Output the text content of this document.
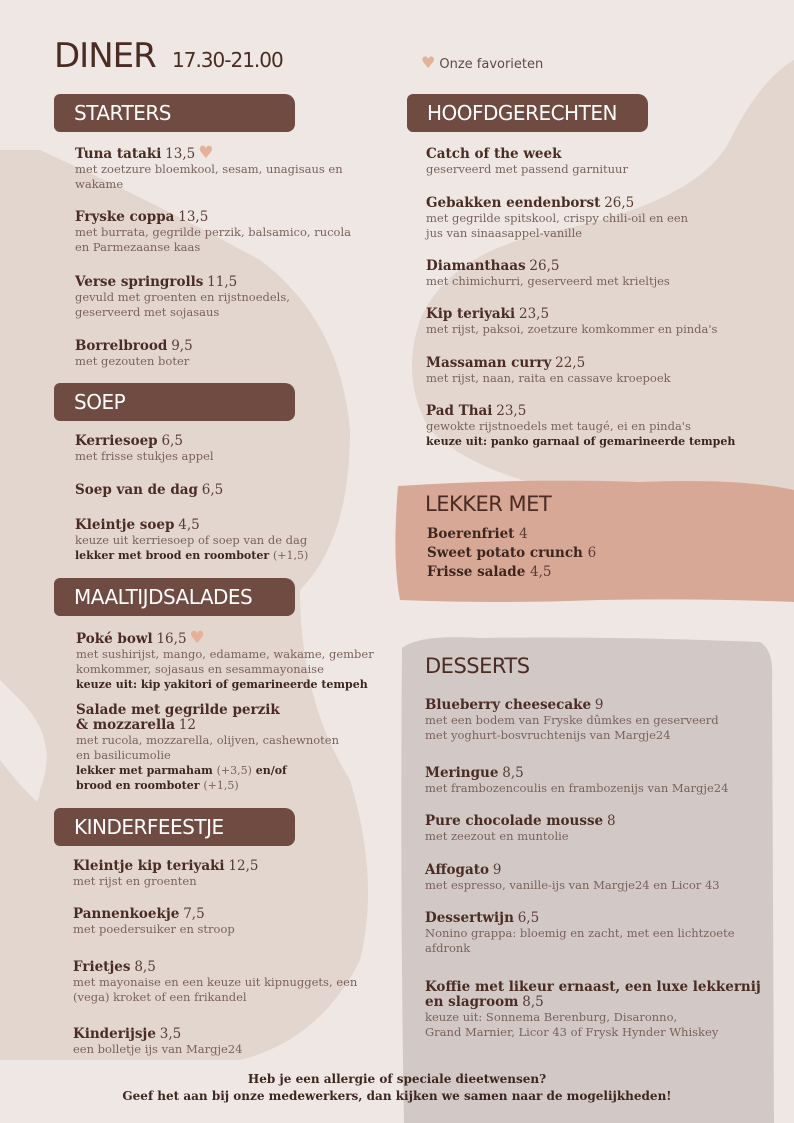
DINER 17.30-21.00	♥ Onze favorieten
STARTERS
Tuna tataki 13,5 ♥
met zoetzure bloemkool, sesam, unagisaus en
wakame
Fryske coppa 13,5
met burrata, gegrilde perzik, balsamico, rucola
en Parmezaanse kaas
Verse springrolls 11,5
gevuld met groenten en rijstnoedels,
geserveerd met sojasaus
Borrelbrood 9,5
met gezouten boter
SOEP
Kerriesoep 6,5
met frisse stukjes appel
Soep van de dag 6,5
Kleintje soep 4,5
keuze uit kerriesoep of soep van de dag
lekker met brood en roomboter (+1,5)
MAALTIJDSALADES
Poké bowl 16,5 ♥
met sushirijst, mango, edamame, wakame, gember
komkommer, sojasaus en sesammayonaise
keuze uit: kip yakitori of gemarineerde tempeh
Salade met gegrilde perzik
& mozzarella 12
met rucola, mozzarella, olijven, cashewnoten
en basilicumolie
lekker met parmaham (+3,5) en/of
brood en roomboter (+1,5)
KINDERFEESTJE
Kleintje kip teriyaki 12,5
met rijst en groenten
Pannenkoekje 7,5
met poedersuiker en stroop
Frietjes 8,5
met mayonaise en een keuze uit kipnuggets, een
(vega) kroket of een frikandel
Kinderijsje 3,5
een bolletje ijs van Margje24
HOOFDGERECHTEN
Catch of the week
geserveerd met passend garnituur
Gebakken eendenborst 26,5
met gegrilde spitskool, crispy chili-oil en een
jus van sinaasappel-vanille
Diamanthaas 26,5
met chimichurri, geserveerd met krieltjes
Kip teriyaki 23,5
met rijst, paksoi, zoetzure komkommer en pinda's
Massaman curry 22,5
met rijst, naan, raita en cassave kroepoek
Pad Thai 23,5
gewokte rijstnoedels met taugé, ei en pinda's
keuze uit: panko garnaal of gemarineerde tempeh
LEKKER MET
Boerenfriet 4
Sweet potato crunch 6
Frisse salade 4,5
DESSERTS
Blueberry cheesecake 9
met een bodem van Fryske dûmkes en geserveerd
met yoghurt-bosvruchtenijs van Margje24
Meringue 8,5
met frambozencoulis en frambozenijs van Margje24
Pure chocolade mousse 8
met zeezout en muntolie
Affogato 9
met espresso, vanille-ijs van Margje24 en Licor 43
Dessertwijn 6,5
Nonino grappa: bloemig en zacht, met een lichtzoete
afdronk
Koffie met likeur ernaast, een luxe lekkernij
en slagroom 8,5
keuze uit: Sonnema Berenburg, Disaronno,
Grand Marnier, Licor 43 of Frysk Hynder Whiskey
Heb je een allergie of speciale dieetwensen?
Geef het aan bij onze medewerkers, dan kijken we samen naar de mogelijkheden!
